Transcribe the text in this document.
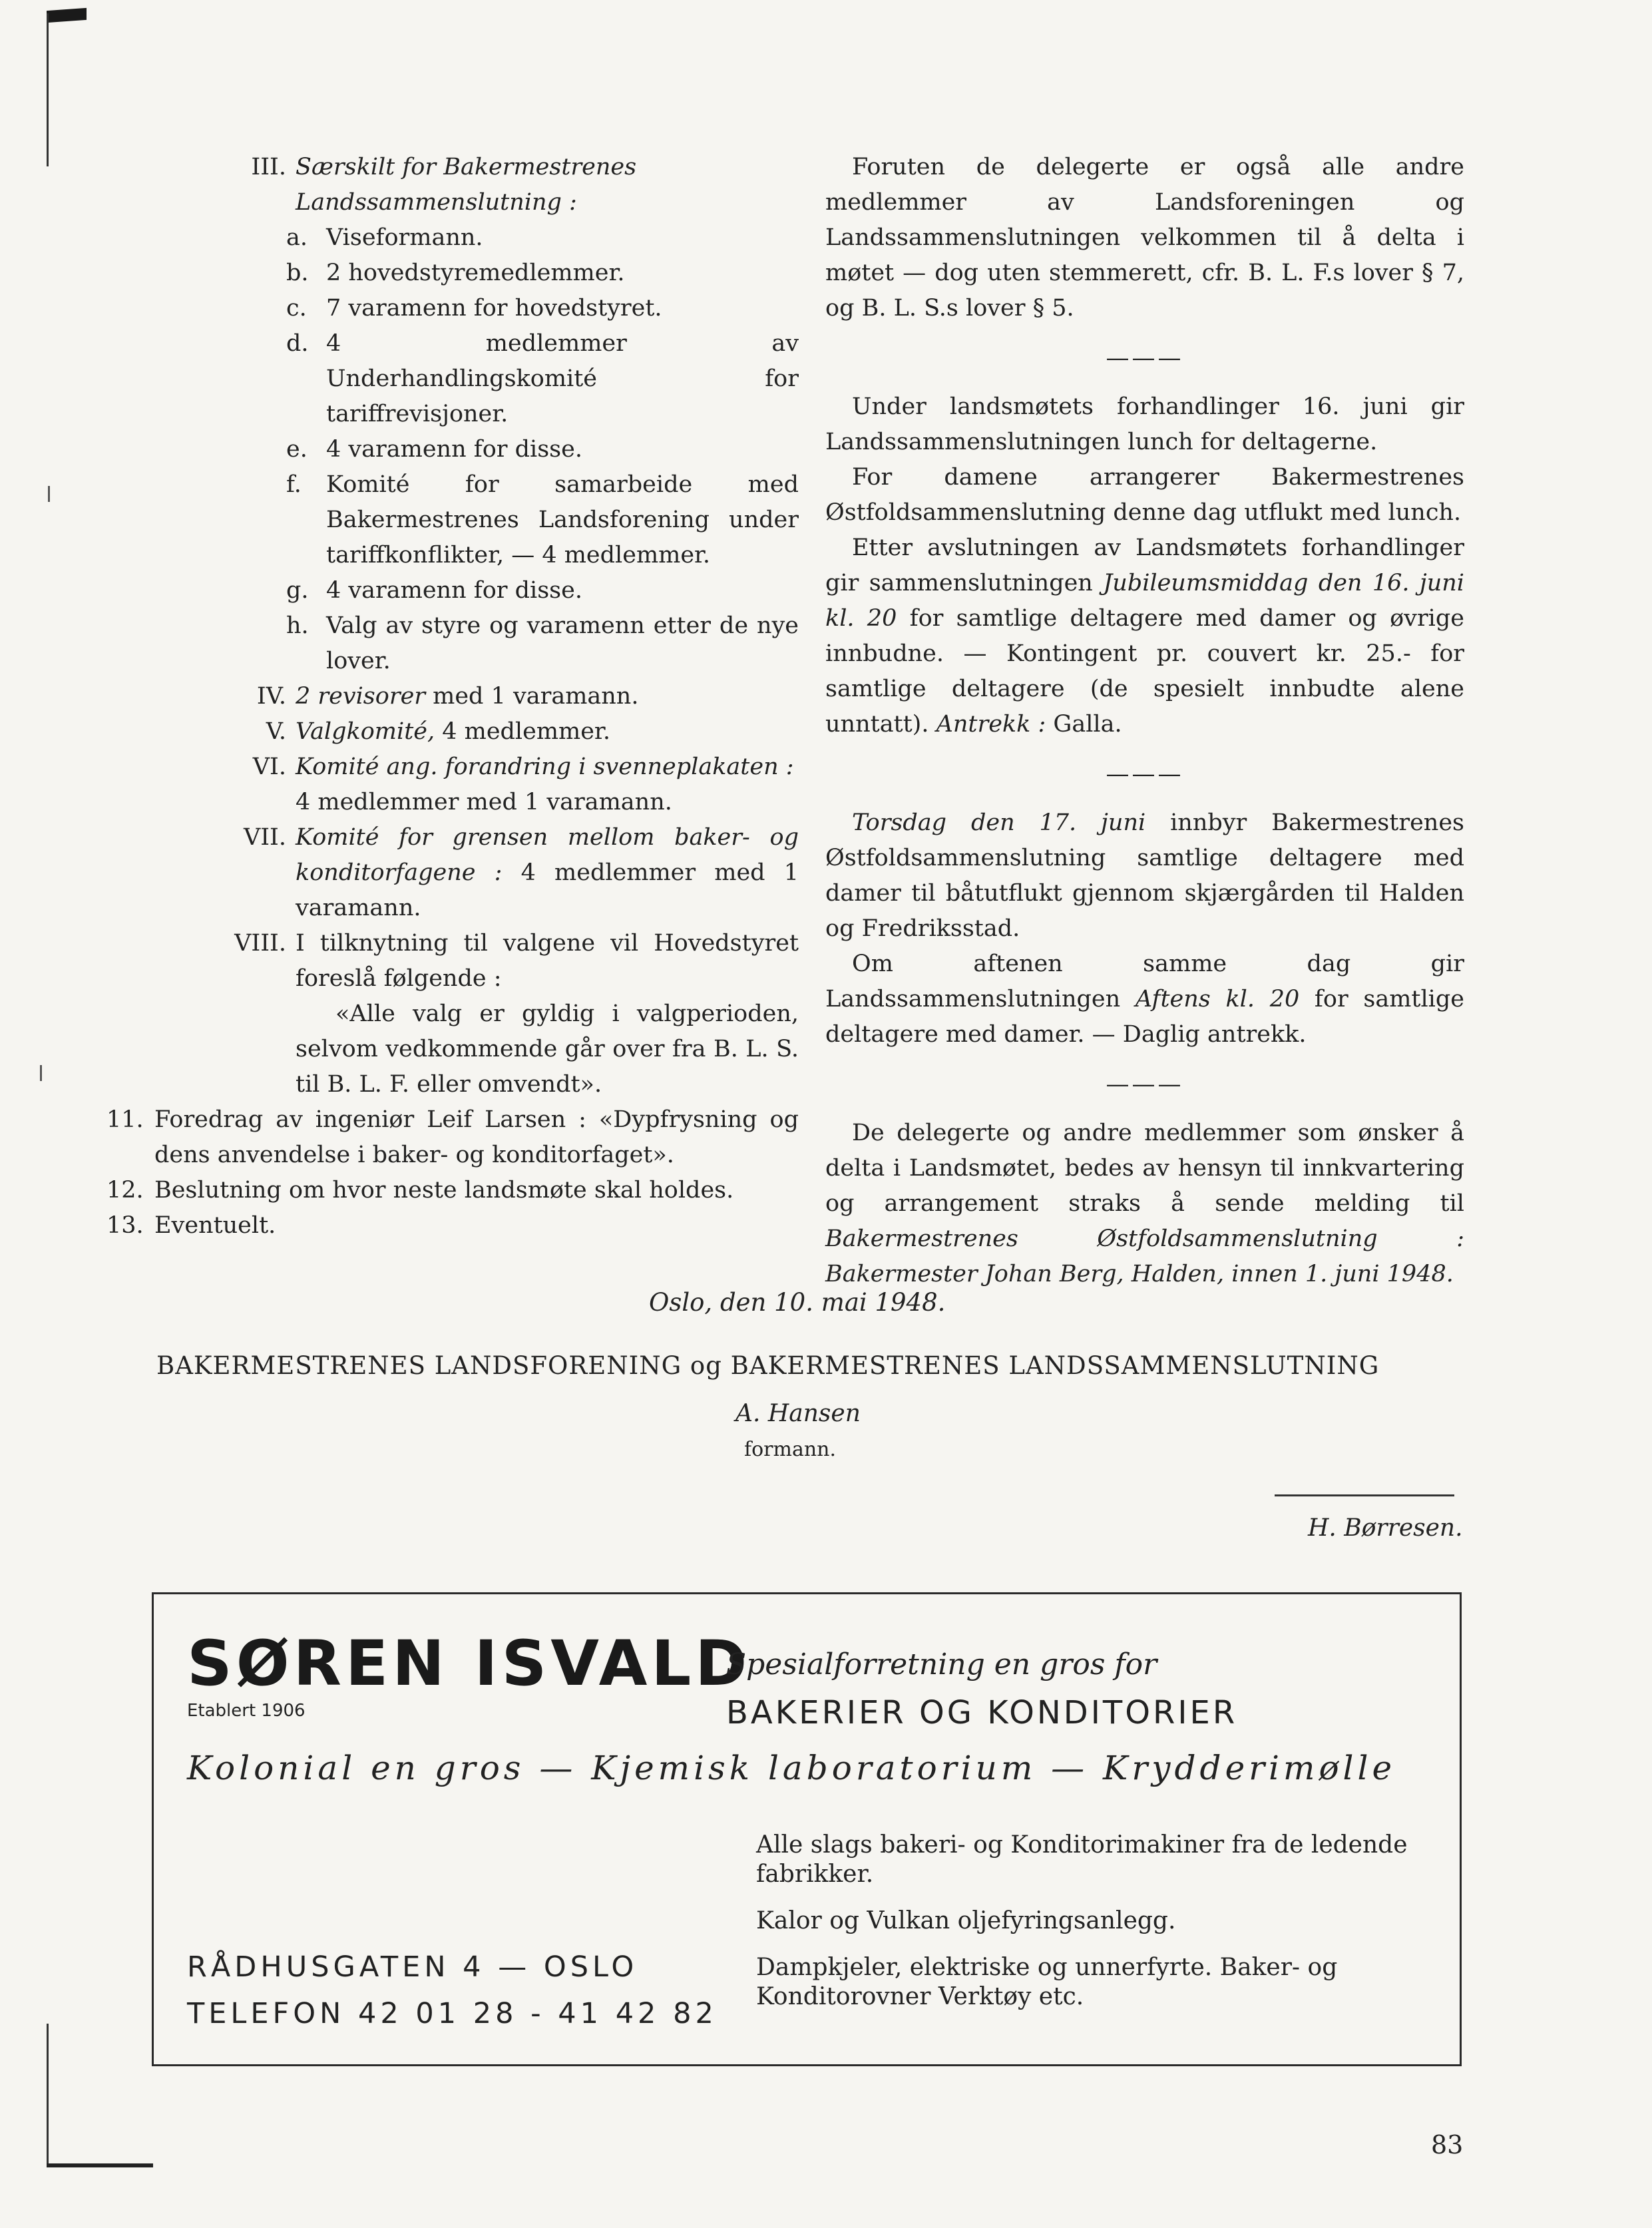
III. Særskilt for Bakermestrenes Landssammenslutning :
a. Viseformann.
b. 2 hovedstyremedlemmer.
c. 7 varamenn for hovedstyret.
d. 4 medlemmer av Underhandlingskomité for tariffrevisjoner.
e. 4 varamenn for disse.
f.	Komité for samarbeide med Bakermestrenes Landsforening under tariffkonflikter, — 4 medlemmer.
g. 4 varamenn for disse.
h. Valg av styre og varamenn etter de nye lover.
IV. 2 revisorer med 1 varamann.
V. Valgkomité, 4 medlemmer.
VI. Komité ang. forandring i svenneplakaten : 4 medlemmer med 1 varamann.
VII. Komité for grensen mellom baker- og konditorfagene : 4 medlemmer med 1 varamann.
VIII. I tilknytning til valgene vil Hovedstyret foreslå følgende :

«Alle valg er gyldig i valgperioden, selvom vedkommende går over fra B. L. S. til B. L. F. eller omvendt».

11. Foredrag av ingeniør Leif Larsen : «Dypfrysning og dens anvendelse i baker- og konditorfaget».
12. Beslutning om hvor neste landsmøte skal holdes.
13. Eventuelt.

Foruten de delegerte er også alle andre medlemmer av Landsforeningen og Landssammenslutningen velkommen til å delta i møtet — dog uten stemmerett, cfr. B. L. F.s lover § 7, og B. L. S.s lover § 5.

———

Under landsmøtets forhandlinger 16. juni gir Landssammenslutningen lunch for deltagerne.

For damene arrangerer Bakermestrenes Østfoldsammenslutning denne dag utflukt med lunch.

Etter avslutningen av Landsmøtets forhandlinger gir sammenslutningen Jubileumsmiddag den 16. juni kl. 20 for samtlige deltagere med damer og øvrige innbudne. — Kontingent pr. couvert kr. 25.- for samtlige deltagere (de spesielt innbudte alene unntatt). Antrekk : Galla.

———

Torsdag den 17. juni innbyr Bakermestrenes Østfoldsammenslutning samtlige deltagere med damer til båtutflukt gjennom skjærgården til Halden og Fredriksstad.

Om aftenen samme dag gir Landssammenslutningen Aftens kl. 20 for samtlige deltagere med damer. — Daglig antrekk.

———

De delegerte og andre medlemmer som ønsker å delta i Landsmøtet, bedes av hensyn til innkvartering og arrangement straks å sende melding til Bakermestrenes Østfoldsammenslutning : Bakermester Johan Berg, Halden, innen 1. juni 1948.

Oslo, den 10. mai 1948.
BAKERMESTRENES LANDSFORENING og BAKERMESTRENES LANDSSAMMENSLUTNING
A. Hansen
formann.
H. Børresen.
SØREN ISVALD
Etablert 1906
Spesialforretning en gros for
BAKERIER OG KONDITORIER
Kolonial en gros — Kjemisk laboratorium — Krydderimølle

Alle slags bakeri- og Konditorimakiner fra de ledende fabrikker.

Kalor og Vulkan oljefyringsanlegg.

Dampkjeler, elektriske og unnerfyrte. Baker- og Konditorovner Verktøy etc.

RÅDHUSGATEN 4 — OSLO
TELEFON 42 01 28 - 41 42 82
83
